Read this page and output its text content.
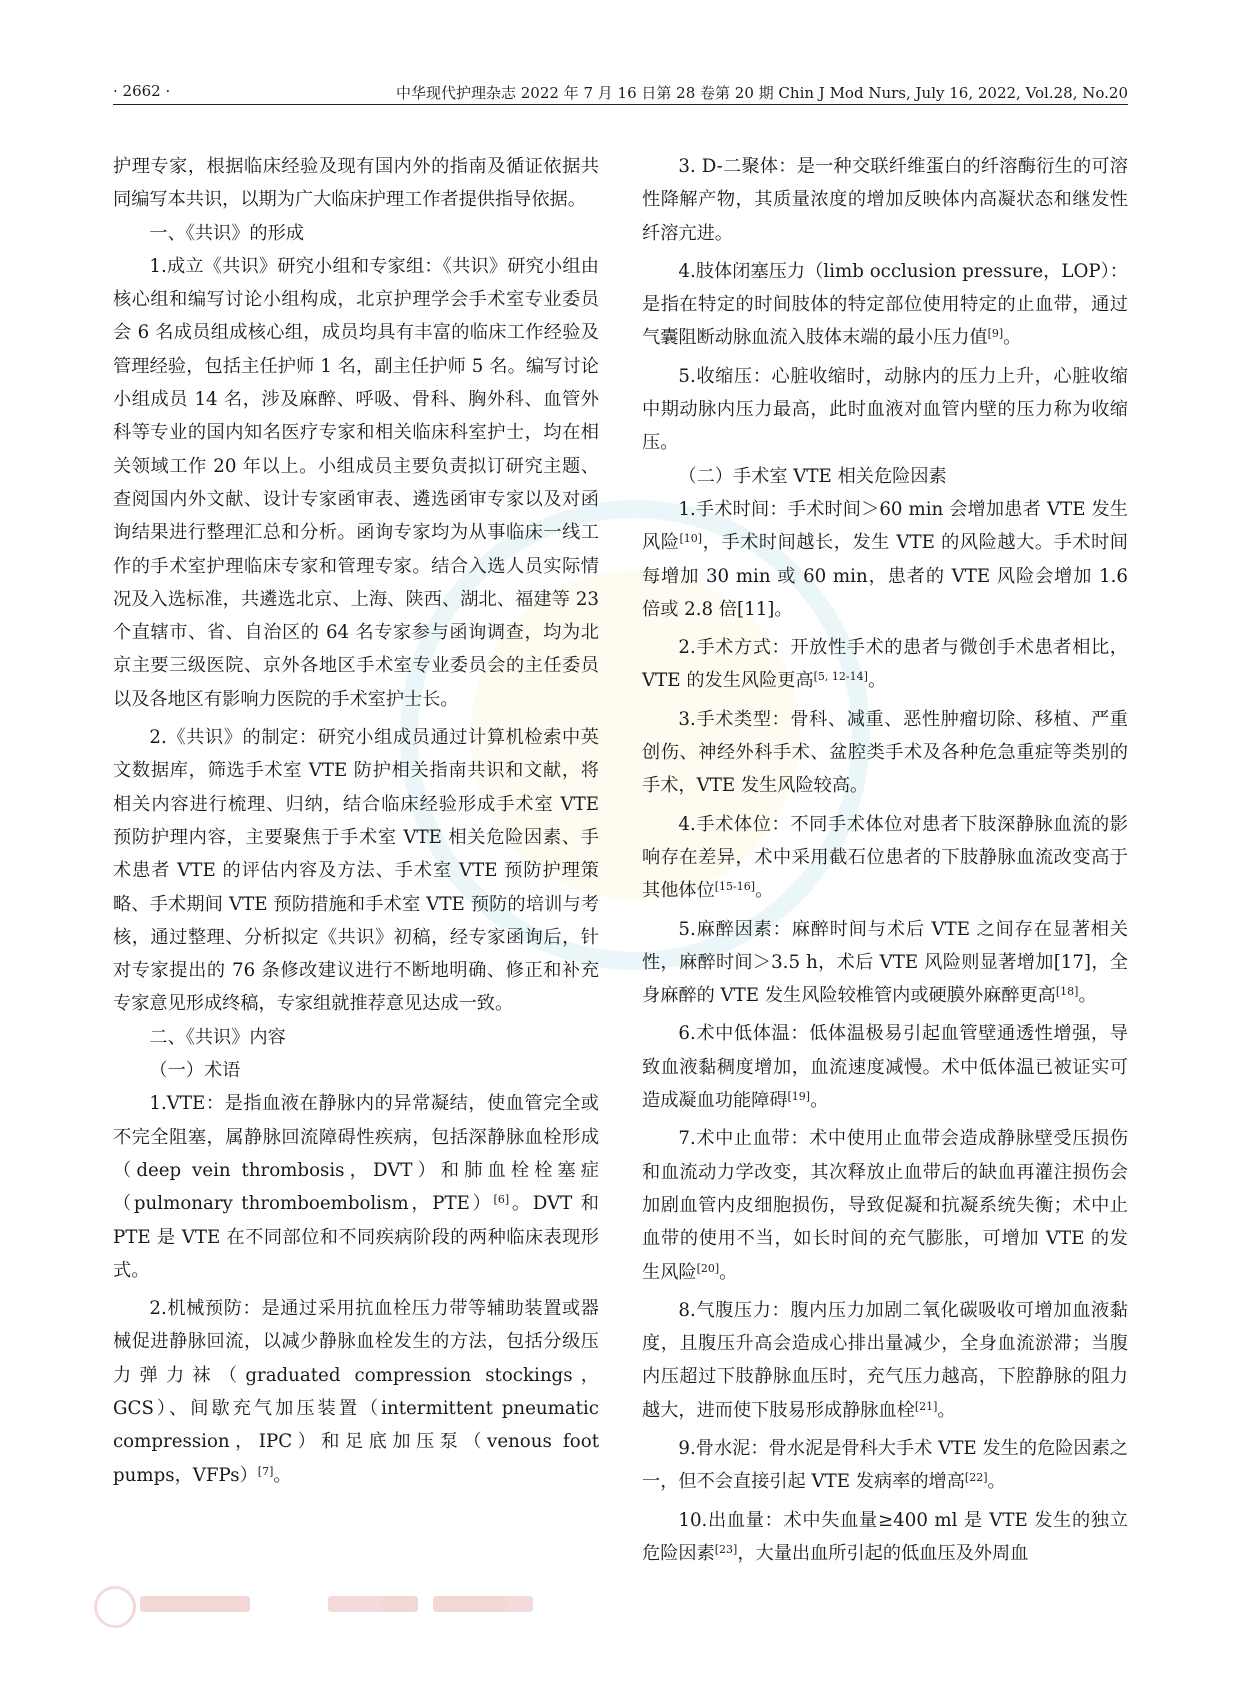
· 2662 ·	中华现代护理杂志 2022 年 7 月 16 日第 28 卷第 20 期 Chin J Mod Nurs, July 16, 2022, Vol.28, No.20

护理专家，根据临床经验及现有国内外的指南及循证依据共同编写本共识，以期为广大临床护理工作者提供指导依据。

一、《共识》的形成

1.成立《共识》研究小组和专家组：《共识》研究小组由核心组和编写讨论小组构成，北京护理学会手术室专业委员会 6 名成员组成核心组，成员均具有丰富的临床工作经验及管理经验，包括主任护师 1 名，副主任护师 5 名。编写讨论小组成员 14 名，涉及麻醉、呼吸、骨科、胸外科、血管外科等专业的国内知名医疗专家和相关临床科室护士，均在相关领域工作 20 年以上。小组成员主要负责拟订研究主题、查阅国内外文献、设计专家函审表、遴选函审专家以及对函询结果进行整理汇总和分析。函询专家均为从事临床一线工作的手术室护理临床专家和管理专家。结合入选人员实际情况及入选标准，共遴选北京、上海、陕西、湖北、福建等 23 个直辖市、省、自治区的 64 名专家参与函询调查，均为北京主要三级医院、京外各地区手术室专业委员会的主任委员以及各地区有影响力医院的手术室护士长。

2.《共识》的制定：研究小组成员通过计算机检索中英文数据库，筛选手术室 VTE 防护相关指南共识和文献，将相关内容进行梳理、归纳，结合临床经验形成手术室 VTE 预防护理内容，主要聚焦于手术室 VTE 相关危险因素、手术患者 VTE 的评估内容及方法、手术室 VTE 预防护理策略、手术期间 VTE 预防措施和手术室 VTE 预防的培训与考核，通过整理、分析拟定《共识》初稿，经专家函询后，针对专家提出的 76 条修改建议进行不断地明确、修正和补充专家意见形成终稿，专家组就推荐意见达成一致。

二、《共识》内容

（一）术语

1.VTE：是指血液在静脉内的异常凝结，使血管完全或不完全阻塞，属静脉回流障碍性疾病，包括深静脉血栓形成（deep vein thrombosis，DVT）和肺血栓栓塞症（pulmonary thromboembolism，PTE）[6]。DVT 和 PTE 是 VTE 在不同部位和不同疾病阶段的两种临床表现形式。

2.机械预防：是通过采用抗血栓压力带等辅助装置或器械促进静脉回流，以减少静脉血栓发生的方法，包括分级压力弹力袜（graduated compression stockings，GCS）、间歇充气加压装置（intermittent pneumatic compression，IPC）和足底加压泵（venous foot pumps，VFPs）[7]。

3. D-二聚体：是一种交联纤维蛋白的纤溶酶衍生的可溶性降解产物，其质量浓度的增加反映体内高凝状态和继发性纤溶亢进。

4.肢体闭塞压力（limb occlusion pressure，LOP）：是指在特定的时间肢体的特定部位使用特定的止血带，通过气囊阻断动脉血流入肢体末端的最小压力值[9]。

5.收缩压：心脏收缩时，动脉内的压力上升，心脏收缩中期动脉内压力最高，此时血液对血管内壁的压力称为收缩压。

（二）手术室 VTE 相关危险因素

1.手术时间：手术时间＞60 min 会增加患者 VTE 发生风险[10]，手术时间越长，发生 VTE 的风险越大。手术时间每增加 30 min 或 60 min，患者的 VTE 风险会增加 1.6 倍或 2.8 倍[11]。

2.手术方式：开放性手术的患者与微创手术患者相比，VTE 的发生风险更高[5, 12-14]。

3.手术类型：骨科、减重、恶性肿瘤切除、移植、严重创伤、神经外科手术、盆腔类手术及各种危急重症等类别的手术，VTE 发生风险较高。

4.手术体位：不同手术体位对患者下肢深静脉血流的影响存在差异，术中采用截石位患者的下肢静脉血流改变高于其他体位[15-16]。

5.麻醉因素：麻醉时间与术后 VTE 之间存在显著相关性，麻醉时间＞3.5 h，术后 VTE 风险则显著增加[17]，全身麻醉的 VTE 发生风险较椎管内或硬膜外麻醉更高[18]。

6.术中低体温：低体温极易引起血管壁通透性增强，导致血液黏稠度增加，血流速度减慢。术中低体温已被证实可造成凝血功能障碍[19]。

7.术中止血带：术中使用止血带会造成静脉壁受压损伤和血流动力学改变，其次释放止血带后的缺血再灌注损伤会加剧血管内皮细胞损伤，导致促凝和抗凝系统失衡；术中止血带的使用不当，如长时间的充气膨胀，可增加 VTE 的发生风险[20]。

8.气腹压力：腹内压力加剧二氧化碳吸收可增加血液黏度，且腹压升高会造成心排出量减少，全身血流淤滞；当腹内压超过下肢静脉血压时，充气压力越高，下腔静脉的阻力越大，进而使下肢易形成静脉血栓[21]。

9.骨水泥：骨水泥是骨科大手术 VTE 发生的危险因素之一，但不会直接引起 VTE 发病率的增高[22]。

10.出血量：术中失血量≥400 ml 是 VTE 发生的独立危险因素[23]，大量出血所引起的低血压及外周血
